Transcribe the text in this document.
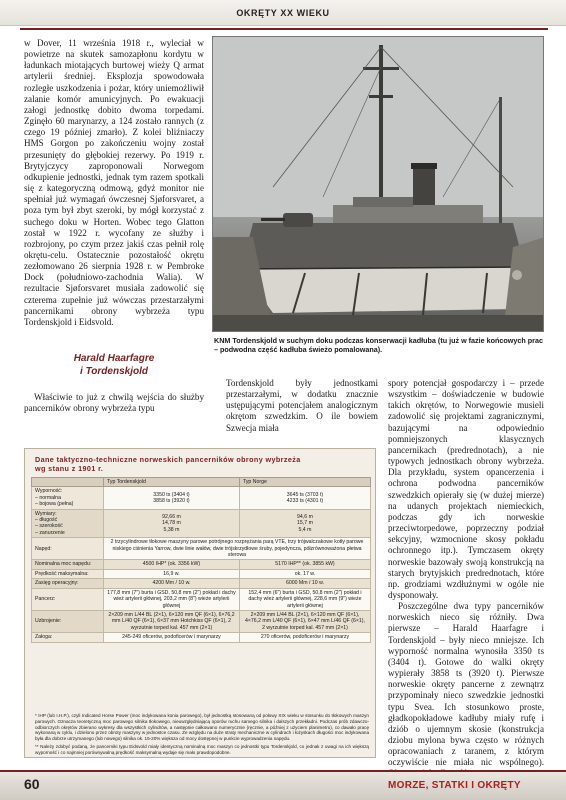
OKRĘTY XX WIEKU

w Dover, 11 września 1918 r., wyleciał w powietrze na skutek samozapłonu kordytu w ładunkach miotających burtowej wieży Q armat artylerii średniej. Eksplozja spowodowała rozległe uszkodzenia i pożar, który uniemożliwił zalanie komór amunicyjnych. Po ewakuacji załogi jednostkę dobito dwoma torpedami. Zginęło 60 marynarzy, a 124 zostało rannych (z czego 19 później zmarło). Z kolei bliźniaczy HMS Gorgon po zakończeniu wojny został przesunięty do głębokiej rezerwy. Po 1919 r. Brytyjczycy zaproponowali Norwegom odkupienie jednostki, jednak tym razem spotkali się z kategoryczną odmową, gdyż monitor nie spełniał już wymagań ówczesnej Sjøforsvaret, a poza tym był zbyt szeroki, by mógł korzystać z suchego doku w Horten. Wobec tego Glatton został w 1922 r. wycofany ze służby i rozbrojony, po czym przez jakiś czas pełnił rolę okrętu-celu. Ostatecznie pozostałość okrętu zezłomowano 26 sierpnia 1928 r. w Pembroke Dock (południowo-zachodnia Walia). W rezultacie Sjøforsvaret musiała zadowolić się czterema zupełnie już wówczas przestarzałymi pancernikami obrony wybrzeża typu Tordenskjold i Eidsvold.

KNM Tordenskjold w suchym doku podczas konserwacji kadłuba (tu już w fazie końcowych prac – podwodna część kadłuba świeżo pomalowana).
Harald Haarfagre
i Tordenskjold

Właściwie to już z chwilą wejścia do służby pancerników obrony wybrzeża typu

Tordenskjold były jednostkami przestarzałymi, w dodatku znacznie ustępującymi potencjałem analogicznym okrętom szwedzkim. O ile bowiem Szwecja miała

spory potencjał gospodarczy i – przede wszystkim – doświadczenie w budowie takich okrętów, to Norwegowie musieli zadowolić się projektami zagranicznymi, bazującymi na odpowiednio pomniejszonych klasycznych pancernikach (predrednotach), a nie typowych jednostkach obrony wybrzeża. Dla przykładu, system opancerzenia i ochrona podwodna pancerników szwedzkich opierały się (w dużej mierze) na udanych projektach niemieckich, podczas gdy ich norweskie przeciwtorpedowe, poprzeczny podział sekcyjny, wzmocnione skosy pokładu ochronnego itp.). Tymczasem okręty norweskie bazowały swoją konstrukcją na starych brytyjskich predrednotach, które np. grodziami wzdłużnymi w ogóle nie dysponowały.

Poszczególne dwa typy pancerników norweskich nieco się różniły. Dwa pierwsze – Harald Haarfagre i Tordenskjold – były nieco mniejsze. Ich wyporność normalna wynosiła 3350 ts (3404 t). Gotowe do walki okręty wypierały 3858 ts (3920 t). Pierwsze norweskie okręty pancerne z zewnątrz przypominały nieco szwedzkie jednostki typu Svea. Ich stosunkowo proste, gładkopokładowe kadłuby miały rufę i dziób o ujemnym skosie (konstrukcja dziobu mylona bywa często w różnych opracowaniach z taranem, z którym oczywiście nie miała nic wspólnego).

Dane taktyczno-techniczne norweskich pancerników obrony wybrzeża
wg stanu z 1901 r.
	Typ Tordenskjold	Typ Norge
Wyporność:
– normalna
– bojowa (pełna)	3350 ts (3404 t)
3858 ts (3920 t)	3645 ts (3703 t)
4233 ts (4301 t)
Wymiary:
– długość
– szerokość
– zanurzenie	92,66 m
14,78 m
5,38 m	94,6 m
15,7 m
5,4 m
Napęd:	2 trzycylindrowe tłokowe maszyny parowe potrójnego rozprężania parą VTE, trzy trójwalczakowe kotły parowe niskiego ciśnienia Yarrow, dwie linie wałów, dwie trójskrzydłowe śruby, pojedyncza, półzrównoważona płetwa sterowa	
Nominalna moc napędu:	4500 IHP* (ok. 3356 kW)	5170 IHP** (ok. 3855 kW)
Prędkość maksymalna:	16,9 w.	ok. 17 w.
Zasięg operacyjny:	4200 Mm / 10 w.	6000 Mm / 10 w.
Pancerz:	177,8 mm (7") burta i GSD, 50,8 mm (2") pokład i dachy wież artylerii głównej, 203,2 mm (8") wieże artylerii głównej	152,4 mm (6") burta i GSD, 50,8 mm (2") pokład i dachy wież artylerii głównej, 228,6 mm (9") wieże artylerii głównej
Uzbrojenie:	2×209 mm L/44 BL (2×1), 6×120 mm QF (6×1), 6×76,2 mm L/40 QF (6×1), 6×37 mm Hotchkiss QF (6×1), 2 wyrzutnie torped kal. 457 mm (2×1)	2×209 mm L/44 BL (2×1), 6×120 mm QF (6×1), 4×76,2 mm L/40 QF (6×1), 6×47 mm L/46 QF (6×1), 2 wyrzutnie torped kal. 457 mm (2×1)
Załoga:	245-249 oficerów, podoficerów i marynarzy	270 oficerów, podoficerów i marynarzy
* IHP (lub I.H.P.), czyli Indicated Horse Power (moc indykowana konia parowego), był jednostką stosowaną od połowy XIX wieku w stosunku do tłokowych maszyn parowych. Oznacza teoretyczną moc parowego silnika tłokowego, nieuwzględniającą oporów ruchu samego silnika i dalszych przekładni. Podczas prób zdawczo-odbiorczych okrętów zbierano wykresy dla wszystkich cylindrów, a następnie całkowano numerycznie (ręcznie, a później z użyciem planimetru), co dawało pracę wykonaną w cyklu, i dzielono przez obroty maszyny w jednostce czasu. Ze względu na duże straty mechaniczne w cylindrach i łożyskach długości moc indykowana była dla dobrze utrzymanego (lub nowego) silnika ok. 15-20% większa od mocy dostępnej w punkcie wyprowadzenia napędu.
** Należy zdobyć podaną, że pancerniki typu Eidsvold miały identyczną nominalną moc maszyn co jednostki typu Tordenskjold, co jednak z uwagi na ich większą wyporność i co najmniej porównywalną prędkość maksymalną wydaje się mało prawdopodobne.
60	MORZE, STATKI I OKRĘTY
